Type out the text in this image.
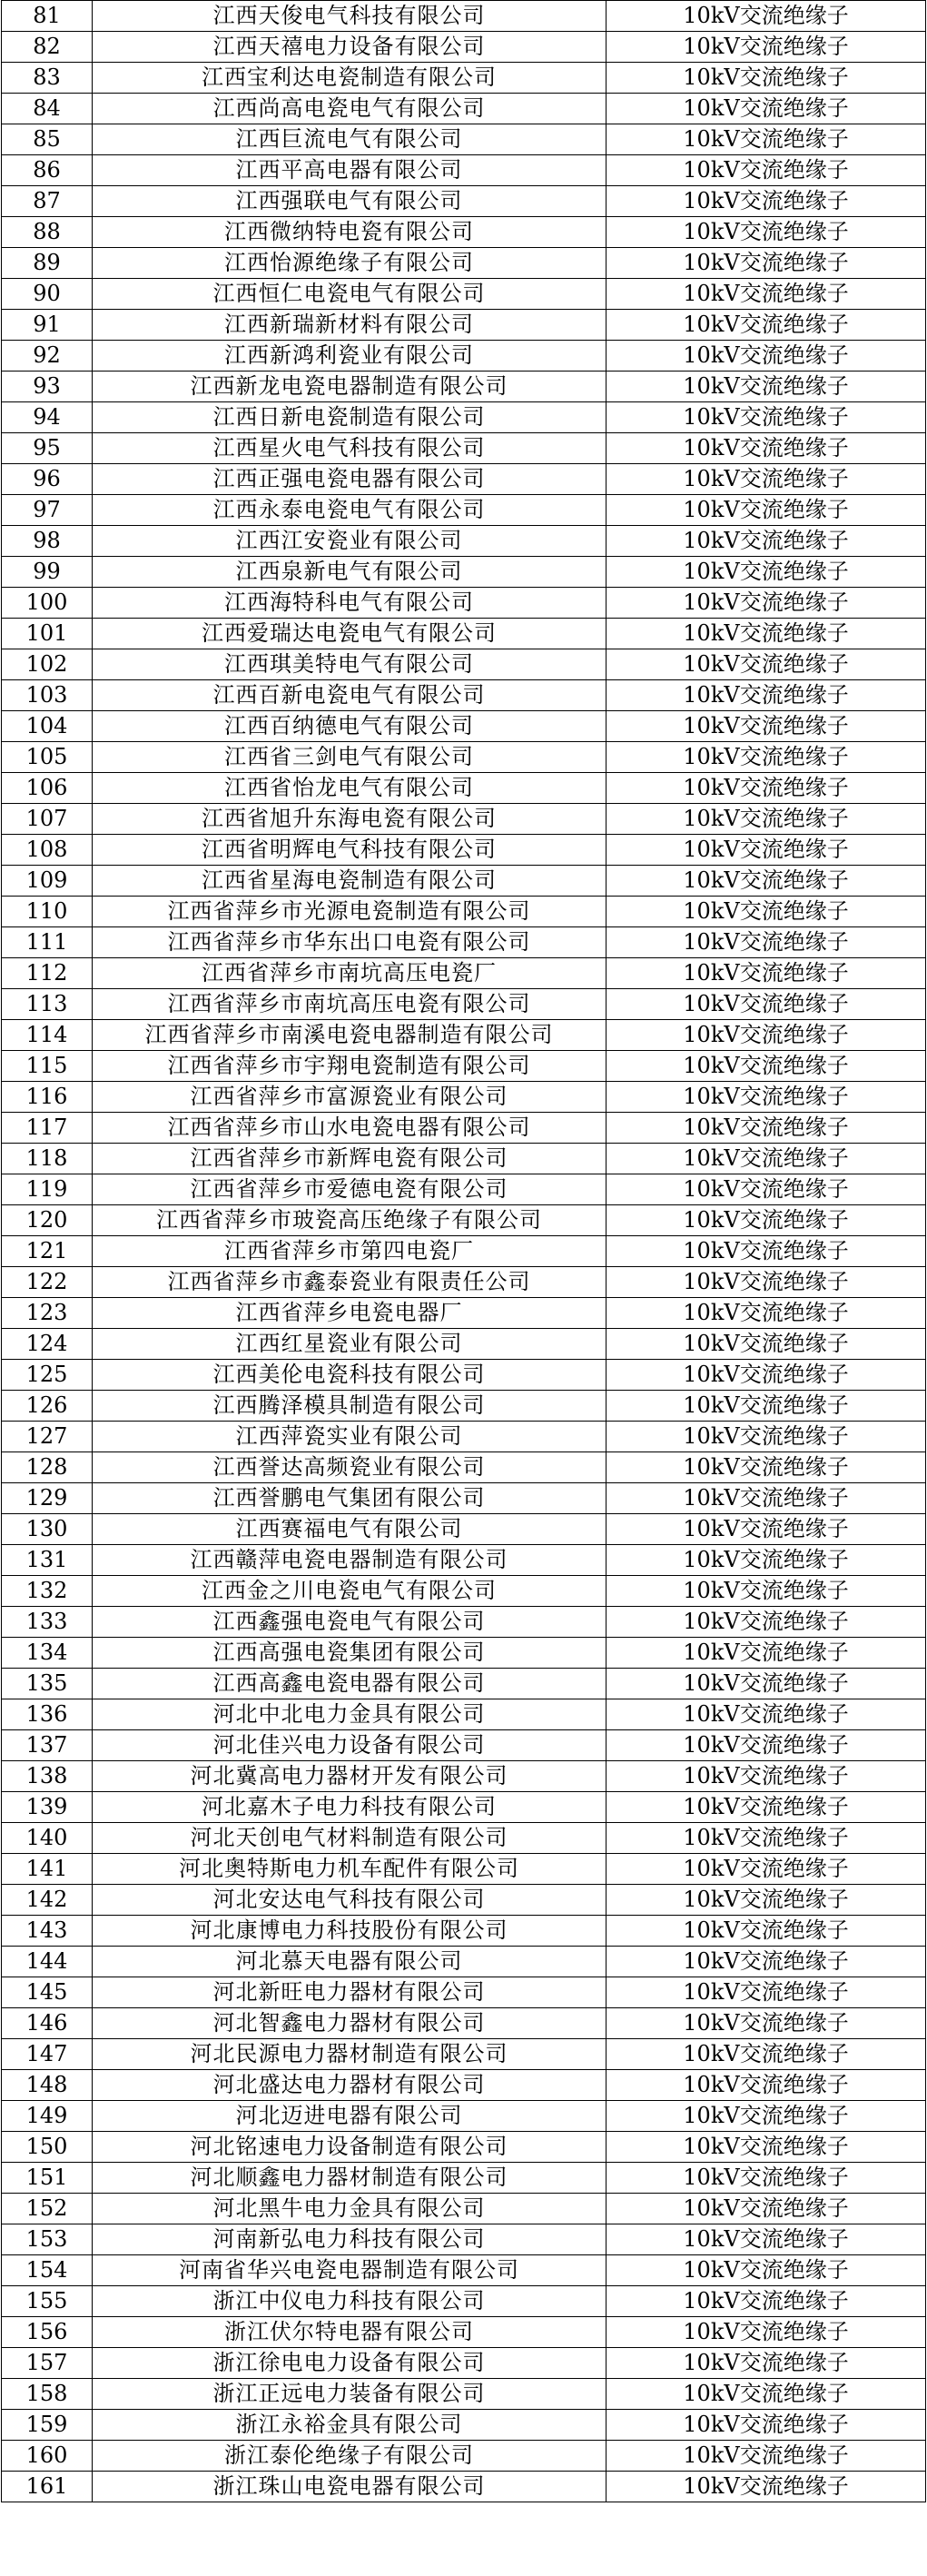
81	江西天俊电气科技有限公司	10kV交流绝缘子
82	江西天禧电力设备有限公司	10kV交流绝缘子
83	江西宝利达电瓷制造有限公司	10kV交流绝缘子
84	江西尚高电瓷电气有限公司	10kV交流绝缘子
85	江西巨流电气有限公司	10kV交流绝缘子
86	江西平高电器有限公司	10kV交流绝缘子
87	江西强联电气有限公司	10kV交流绝缘子
88	江西微纳特电瓷有限公司	10kV交流绝缘子
89	江西怡源绝缘子有限公司	10kV交流绝缘子
90	江西恒仁电瓷电气有限公司	10kV交流绝缘子
91	江西新瑞新材料有限公司	10kV交流绝缘子
92	江西新鸿利瓷业有限公司	10kV交流绝缘子
93	江西新龙电瓷电器制造有限公司	10kV交流绝缘子
94	江西日新电瓷制造有限公司	10kV交流绝缘子
95	江西星火电气科技有限公司	10kV交流绝缘子
96	江西正强电瓷电器有限公司	10kV交流绝缘子
97	江西永泰电瓷电气有限公司	10kV交流绝缘子
98	江西江安瓷业有限公司	10kV交流绝缘子
99	江西泉新电气有限公司	10kV交流绝缘子
100	江西海特科电气有限公司	10kV交流绝缘子
101	江西爱瑞达电瓷电气有限公司	10kV交流绝缘子
102	江西琪美特电气有限公司	10kV交流绝缘子
103	江西百新电瓷电气有限公司	10kV交流绝缘子
104	江西百纳德电气有限公司	10kV交流绝缘子
105	江西省三剑电气有限公司	10kV交流绝缘子
106	江西省怡龙电气有限公司	10kV交流绝缘子
107	江西省旭升东海电瓷有限公司	10kV交流绝缘子
108	江西省明辉电气科技有限公司	10kV交流绝缘子
109	江西省星海电瓷制造有限公司	10kV交流绝缘子
110	江西省萍乡市光源电瓷制造有限公司	10kV交流绝缘子
111	江西省萍乡市华东出口电瓷有限公司	10kV交流绝缘子
112	江西省萍乡市南坑高压电瓷厂	10kV交流绝缘子
113	江西省萍乡市南坑高压电瓷有限公司	10kV交流绝缘子
114	江西省萍乡市南溪电瓷电器制造有限公司	10kV交流绝缘子
115	江西省萍乡市宇翔电瓷制造有限公司	10kV交流绝缘子
116	江西省萍乡市富源瓷业有限公司	10kV交流绝缘子
117	江西省萍乡市山水电瓷电器有限公司	10kV交流绝缘子
118	江西省萍乡市新辉电瓷有限公司	10kV交流绝缘子
119	江西省萍乡市爱德电瓷有限公司	10kV交流绝缘子
120	江西省萍乡市玻瓷高压绝缘子有限公司	10kV交流绝缘子
121	江西省萍乡市第四电瓷厂	10kV交流绝缘子
122	江西省萍乡市鑫泰瓷业有限责任公司	10kV交流绝缘子
123	江西省萍乡电瓷电器厂	10kV交流绝缘子
124	江西红星瓷业有限公司	10kV交流绝缘子
125	江西美伦电瓷科技有限公司	10kV交流绝缘子
126	江西腾泽模具制造有限公司	10kV交流绝缘子
127	江西萍瓷实业有限公司	10kV交流绝缘子
128	江西誉达高频瓷业有限公司	10kV交流绝缘子
129	江西誉鹏电气集团有限公司	10kV交流绝缘子
130	江西赛福电气有限公司	10kV交流绝缘子
131	江西赣萍电瓷电器制造有限公司	10kV交流绝缘子
132	江西金之川电瓷电气有限公司	10kV交流绝缘子
133	江西鑫强电瓷电气有限公司	10kV交流绝缘子
134	江西高强电瓷集团有限公司	10kV交流绝缘子
135	江西高鑫电瓷电器有限公司	10kV交流绝缘子
136	河北中北电力金具有限公司	10kV交流绝缘子
137	河北佳兴电力设备有限公司	10kV交流绝缘子
138	河北冀高电力器材开发有限公司	10kV交流绝缘子
139	河北嘉木子电力科技有限公司	10kV交流绝缘子
140	河北天创电气材料制造有限公司	10kV交流绝缘子
141	河北奥特斯电力机车配件有限公司	10kV交流绝缘子
142	河北安达电气科技有限公司	10kV交流绝缘子
143	河北康博电力科技股份有限公司	10kV交流绝缘子
144	河北慕天电器有限公司	10kV交流绝缘子
145	河北新旺电力器材有限公司	10kV交流绝缘子
146	河北智鑫电力器材有限公司	10kV交流绝缘子
147	河北民源电力器材制造有限公司	10kV交流绝缘子
148	河北盛达电力器材有限公司	10kV交流绝缘子
149	河北迈进电器有限公司	10kV交流绝缘子
150	河北铭速电力设备制造有限公司	10kV交流绝缘子
151	河北顺鑫电力器材制造有限公司	10kV交流绝缘子
152	河北黑牛电力金具有限公司	10kV交流绝缘子
153	河南新弘电力科技有限公司	10kV交流绝缘子
154	河南省华兴电瓷电器制造有限公司	10kV交流绝缘子
155	浙江中仪电力科技有限公司	10kV交流绝缘子
156	浙江伏尔特电器有限公司	10kV交流绝缘子
157	浙江徐电电力设备有限公司	10kV交流绝缘子
158	浙江正远电力装备有限公司	10kV交流绝缘子
159	浙江永裕金具有限公司	10kV交流绝缘子
160	浙江泰伦绝缘子有限公司	10kV交流绝缘子
161	浙江珠山电瓷电器有限公司	10kV交流绝缘子
